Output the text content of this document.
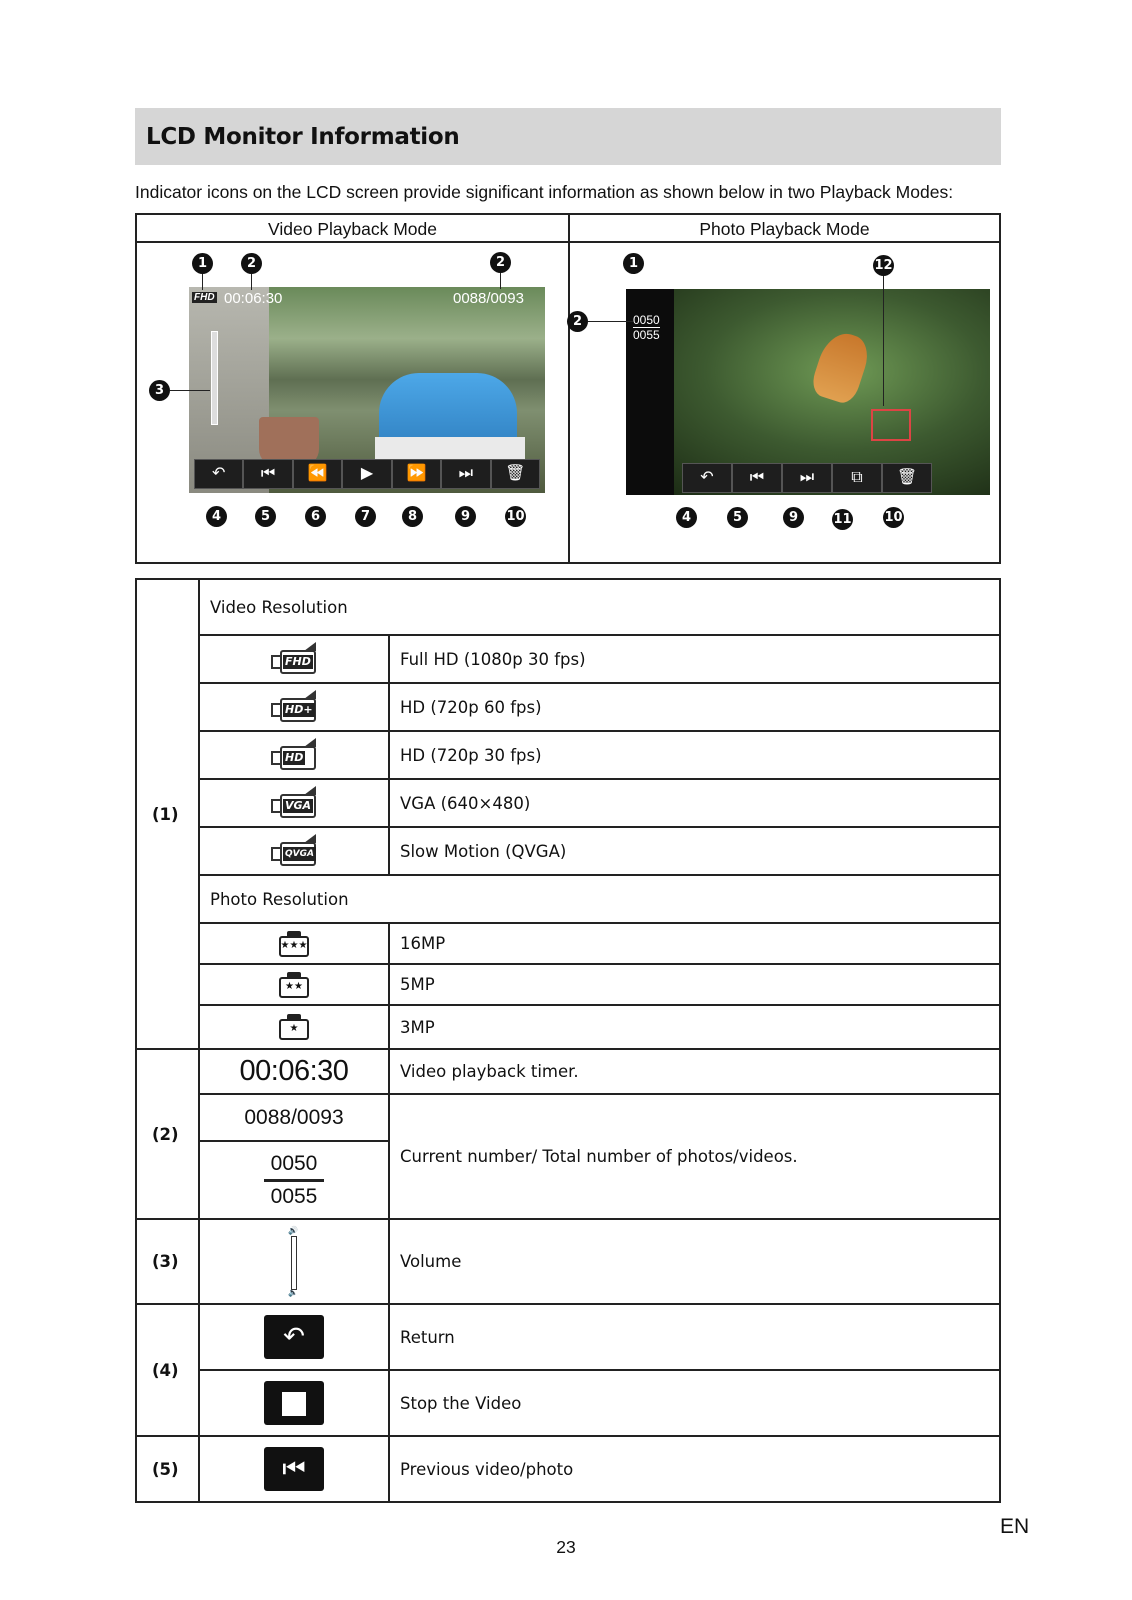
LCD Monitor Information
Indicator icons on the LCD screen provide significant information as shown below in two Playback Modes:
Video Playback Mode	Photo Playback Mode
FHD 00:06:30	0088/0093
↶	⏮	⏪	▶	⏩	⏭	🗑
1	2	2
3
4	5	6	7	8	9	10
0050
0055
↶	⏮	⏭	⧉	🗑
1	12
2
4	5	9	11	10
(1)	Video Resolution	

	FHD	Full HD (1080p 30 fps)

	HD+	HD (720p 60 fps)

	HD	HD (720p 30 fps)

	VGA	VGA (640×480)

	QVGA	Slow Motion (QVGA)
	Photo Resolution	

	★★★	16MP

	★★	5MP

	★	3MP
(2)	00:06:30	Video playback timer.
	0088/0093	Current number/ Total number of photos/videos.

	0050
0055	

(3)	🔊
🔈	Volume
(4)	↶	Return
		Stop the Video
(5)	⏮	Previous video/photo
EN
23
